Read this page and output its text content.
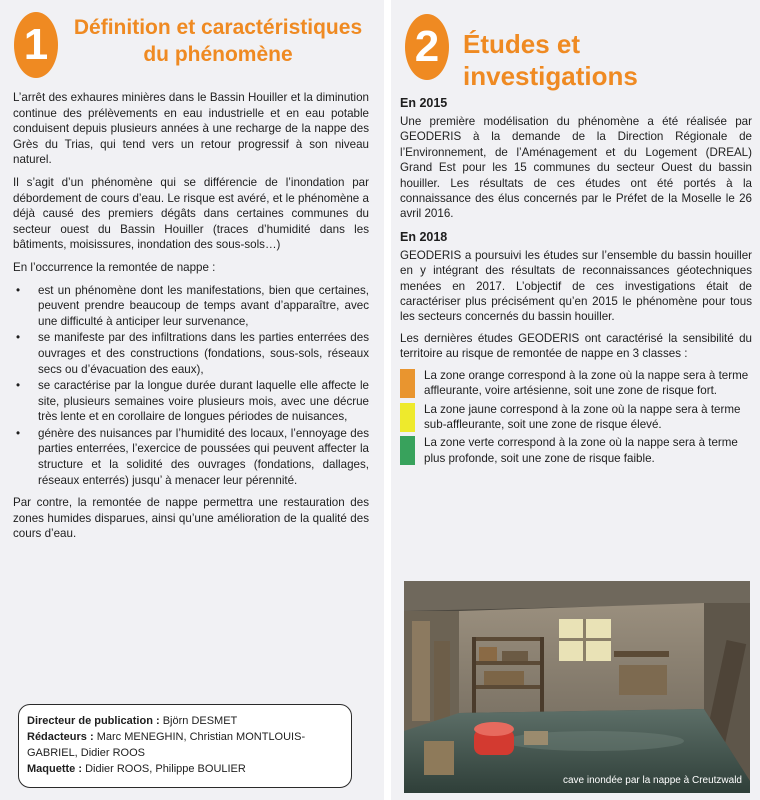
1	Définition et caractéristiques
du phénomène

L’arrêt des exhaures minières dans le Bassin Houiller et la diminution continue des prélèvements en eau industrielle et en eau potable conduisent depuis plusieurs années à une recharge de la nappe des Grès du Trias, qui tend vers un retour progressif à son niveau naturel.

Il s’agit d’un phénomène qui se différencie de l’inondation par débordement de cours d’eau. Le risque est avéré, et le phénomène a déjà causé des premiers dégâts dans certaines communes du secteur ouest du Bassin Houiller (traces d’humidité dans les bâtiments, moisissures, inondation des sous-sols…)

En l’occurrence la remontée de nappe :

• est un phénomène dont les manifestations, bien que certaines, peuvent prendre beaucoup de temps avant d’apparaître, avec une difficulté à anticiper leur survenance,
• se manifeste par des infiltrations dans les parties enterrées des ouvrages et des constructions (fondations, sous-sols, réseaux secs ou d’évacuation des eaux),
• se caractérise par la longue durée durant laquelle elle affecte le site, plusieurs semaines voire plusieurs mois, avec une décrue très lente et en corollaire de longues périodes de nuisances,
• génère des nuisances par l’humidité des locaux, l’ennoyage des parties enterrées, l’exercice de poussées qui peuvent affecter la structure et la solidité des ouvrages (fondations, dallages, réseaux enterrés) jusqu’ à menacer leur pérennité.

Par contre, la remontée de nappe permettra une restauration des zones humides disparues, ainsi qu’une amélioration de la qualité des cours d’eau.

Directeur de publication : Björn DESMET
Rédacteurs : Marc MENEGHIN, Christian MONTLOUIS-GABRIEL, Didier ROOS
Maquette : Didier ROOS, Philippe BOULIER
2 Études et investigations
En 2015

Une première modélisation du phénomène a été réalisée par GEODERIS à la demande de la Direction Régionale de l’Environnement, de l’Aménagement et du Logement (DREAL) Grand Est pour les 15 communes du secteur Ouest du bassin houiller. Les résultats de ces études ont été portés à la connaissance des élus concernés par le Préfet de la Moselle le 26 avril 2016.

En 2018

GEODERIS a poursuivi les études sur l’ensemble du bassin houiller en y intégrant des résultats de reconnaissances géotechniques menées en 2017. L’objectif de ces investigations était de caractériser plus précisément qu’en 2015 le phénomène pour tous les secteurs concernés du bassin houiller.

Les dernières études GEODERIS ont caractérisé la sensibilité du territoire au risque de remontée de nappe en 3 classes :

La zone orange correspond à la zone où la nappe sera à terme affleurante, voire artésienne, soit une zone de risque fort.
La zone jaune correspond à la zone où la nappe sera à terme sub-affleurante, soit une zone de risque élevé.
La zone verte correspond à la zone où la nappe sera à terme plus profonde, soit une zone de risque faible.
cave inondée par la nappe à Creutzwald
